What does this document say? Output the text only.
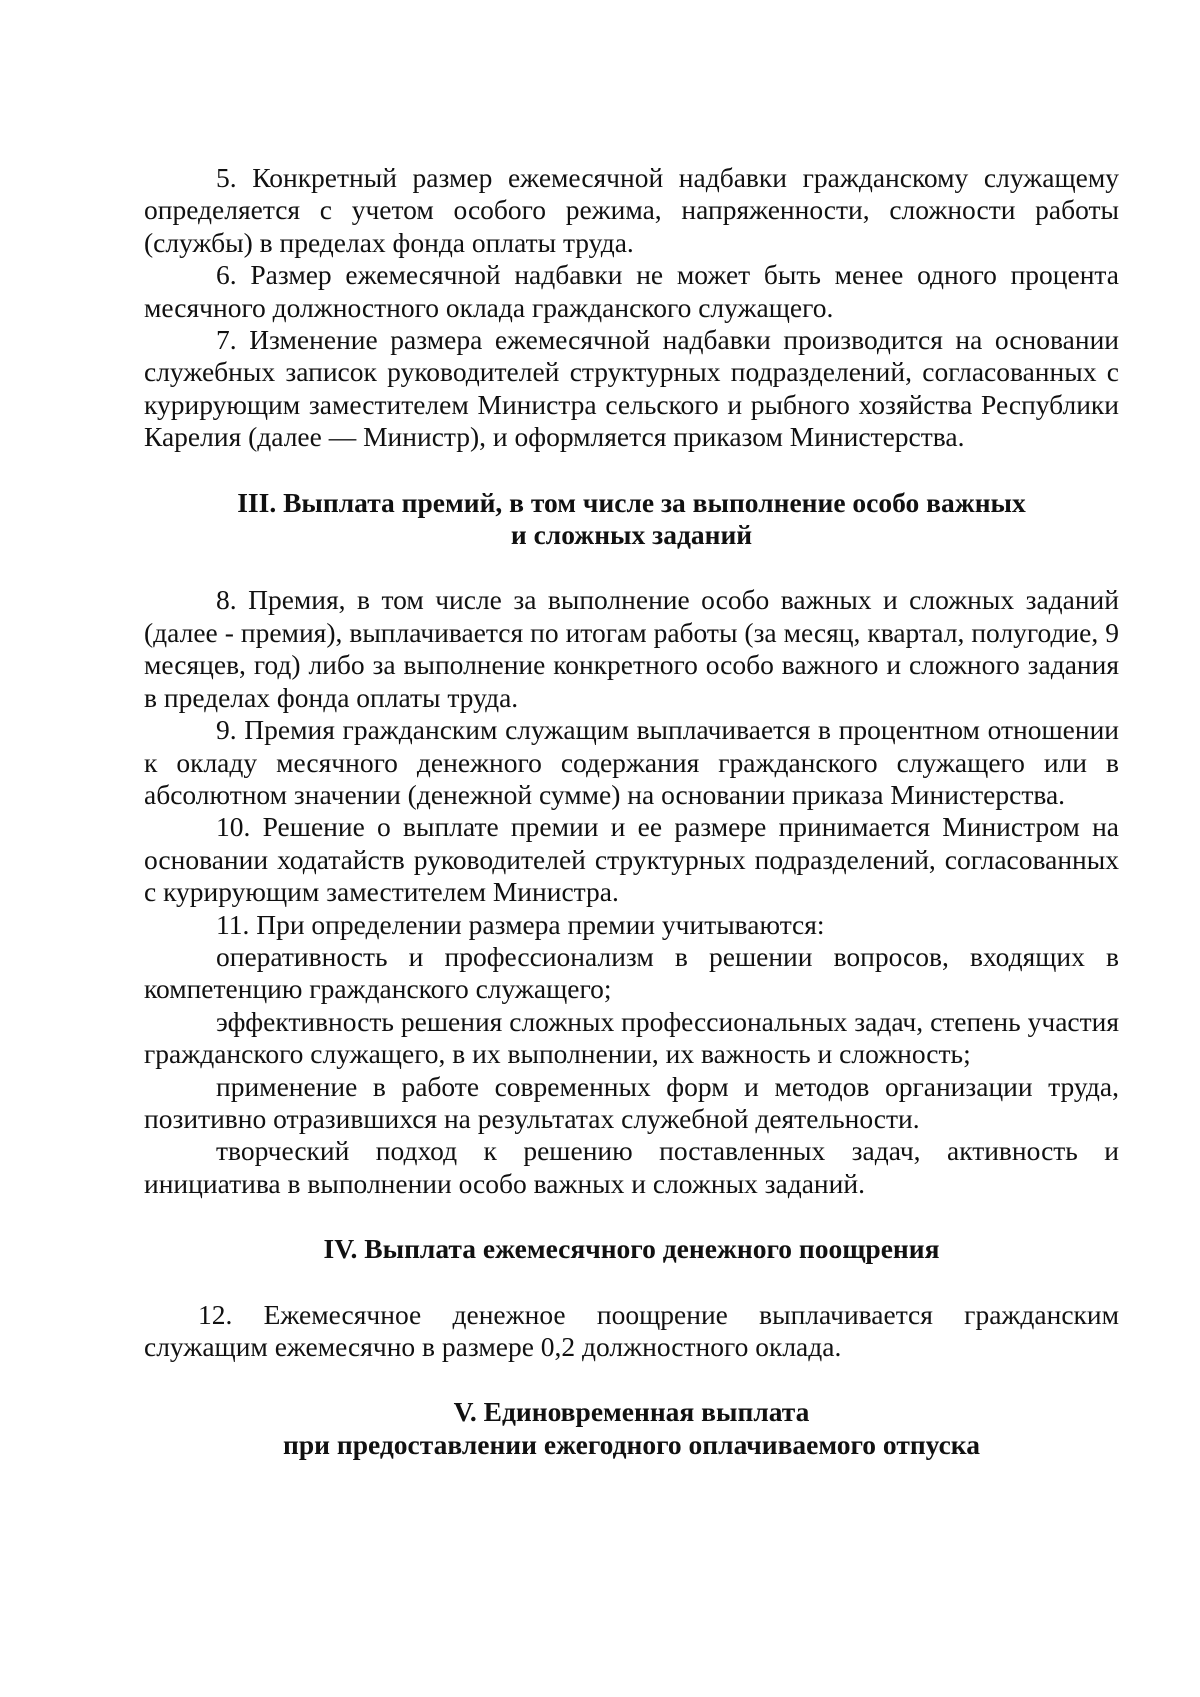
5. Конкретный размер ежемесячной надбавки гражданскому служащему определяется с учетом особого режима, напряженности, сложности работы (службы) в пределах фонда оплаты труда.

6. Размер ежемесячной надбавки не может быть менее одного процента месячного должностного оклада гражданского служащего.

7. Изменение размера ежемесячной надбавки производится на основании служебных записок руководителей структурных подразделений, согласованных с курирующим заместителем Министра сельского и рыбного хозяйства Республики Карелия (далее — Министр), и оформляется приказом Министерства.

III. Выплата премий, в том числе за выполнение особо важных
и сложных заданий

8. Премия, в том числе за выполнение особо важных и сложных заданий (далее - премия), выплачивается по итогам работы (за месяц, квартал, полугодие, 9 месяцев, год) либо за выполнение конкретного особо важного и сложного задания в пределах фонда оплаты труда.

9. Премия гражданским служащим выплачивается в процентном отношении к окладу месячного денежного содержания гражданского служащего или в абсолютном значении (денежной сумме) на основании приказа Министерства.

10. Решение о выплате премии и ее размере принимается Министром на основании ходатайств руководителей структурных подразделений, согласованных с курирующим заместителем Министра.

11. При определении размера премии учитываются:

оперативность и профессионализм в решении вопросов, входящих в компетенцию гражданского служащего;

эффективность решения сложных профессиональных задач, степень участия гражданского служащего, в их выполнении, их важность и сложность;

применение в работе современных форм и методов организации труда, позитивно отразившихся на результатах служебной деятельности.

творческий подход к решению поставленных задач, активность и инициатива в выполнении особо важных и сложных заданий.

IV. Выплата ежемесячного денежного поощрения

12. Ежемесячное денежное поощрение выплачивается гражданским служащим ежемесячно в размере 0,2 должностного оклада.

V. Единовременная выплата
при предоставлении ежегодного оплачиваемого отпуска
